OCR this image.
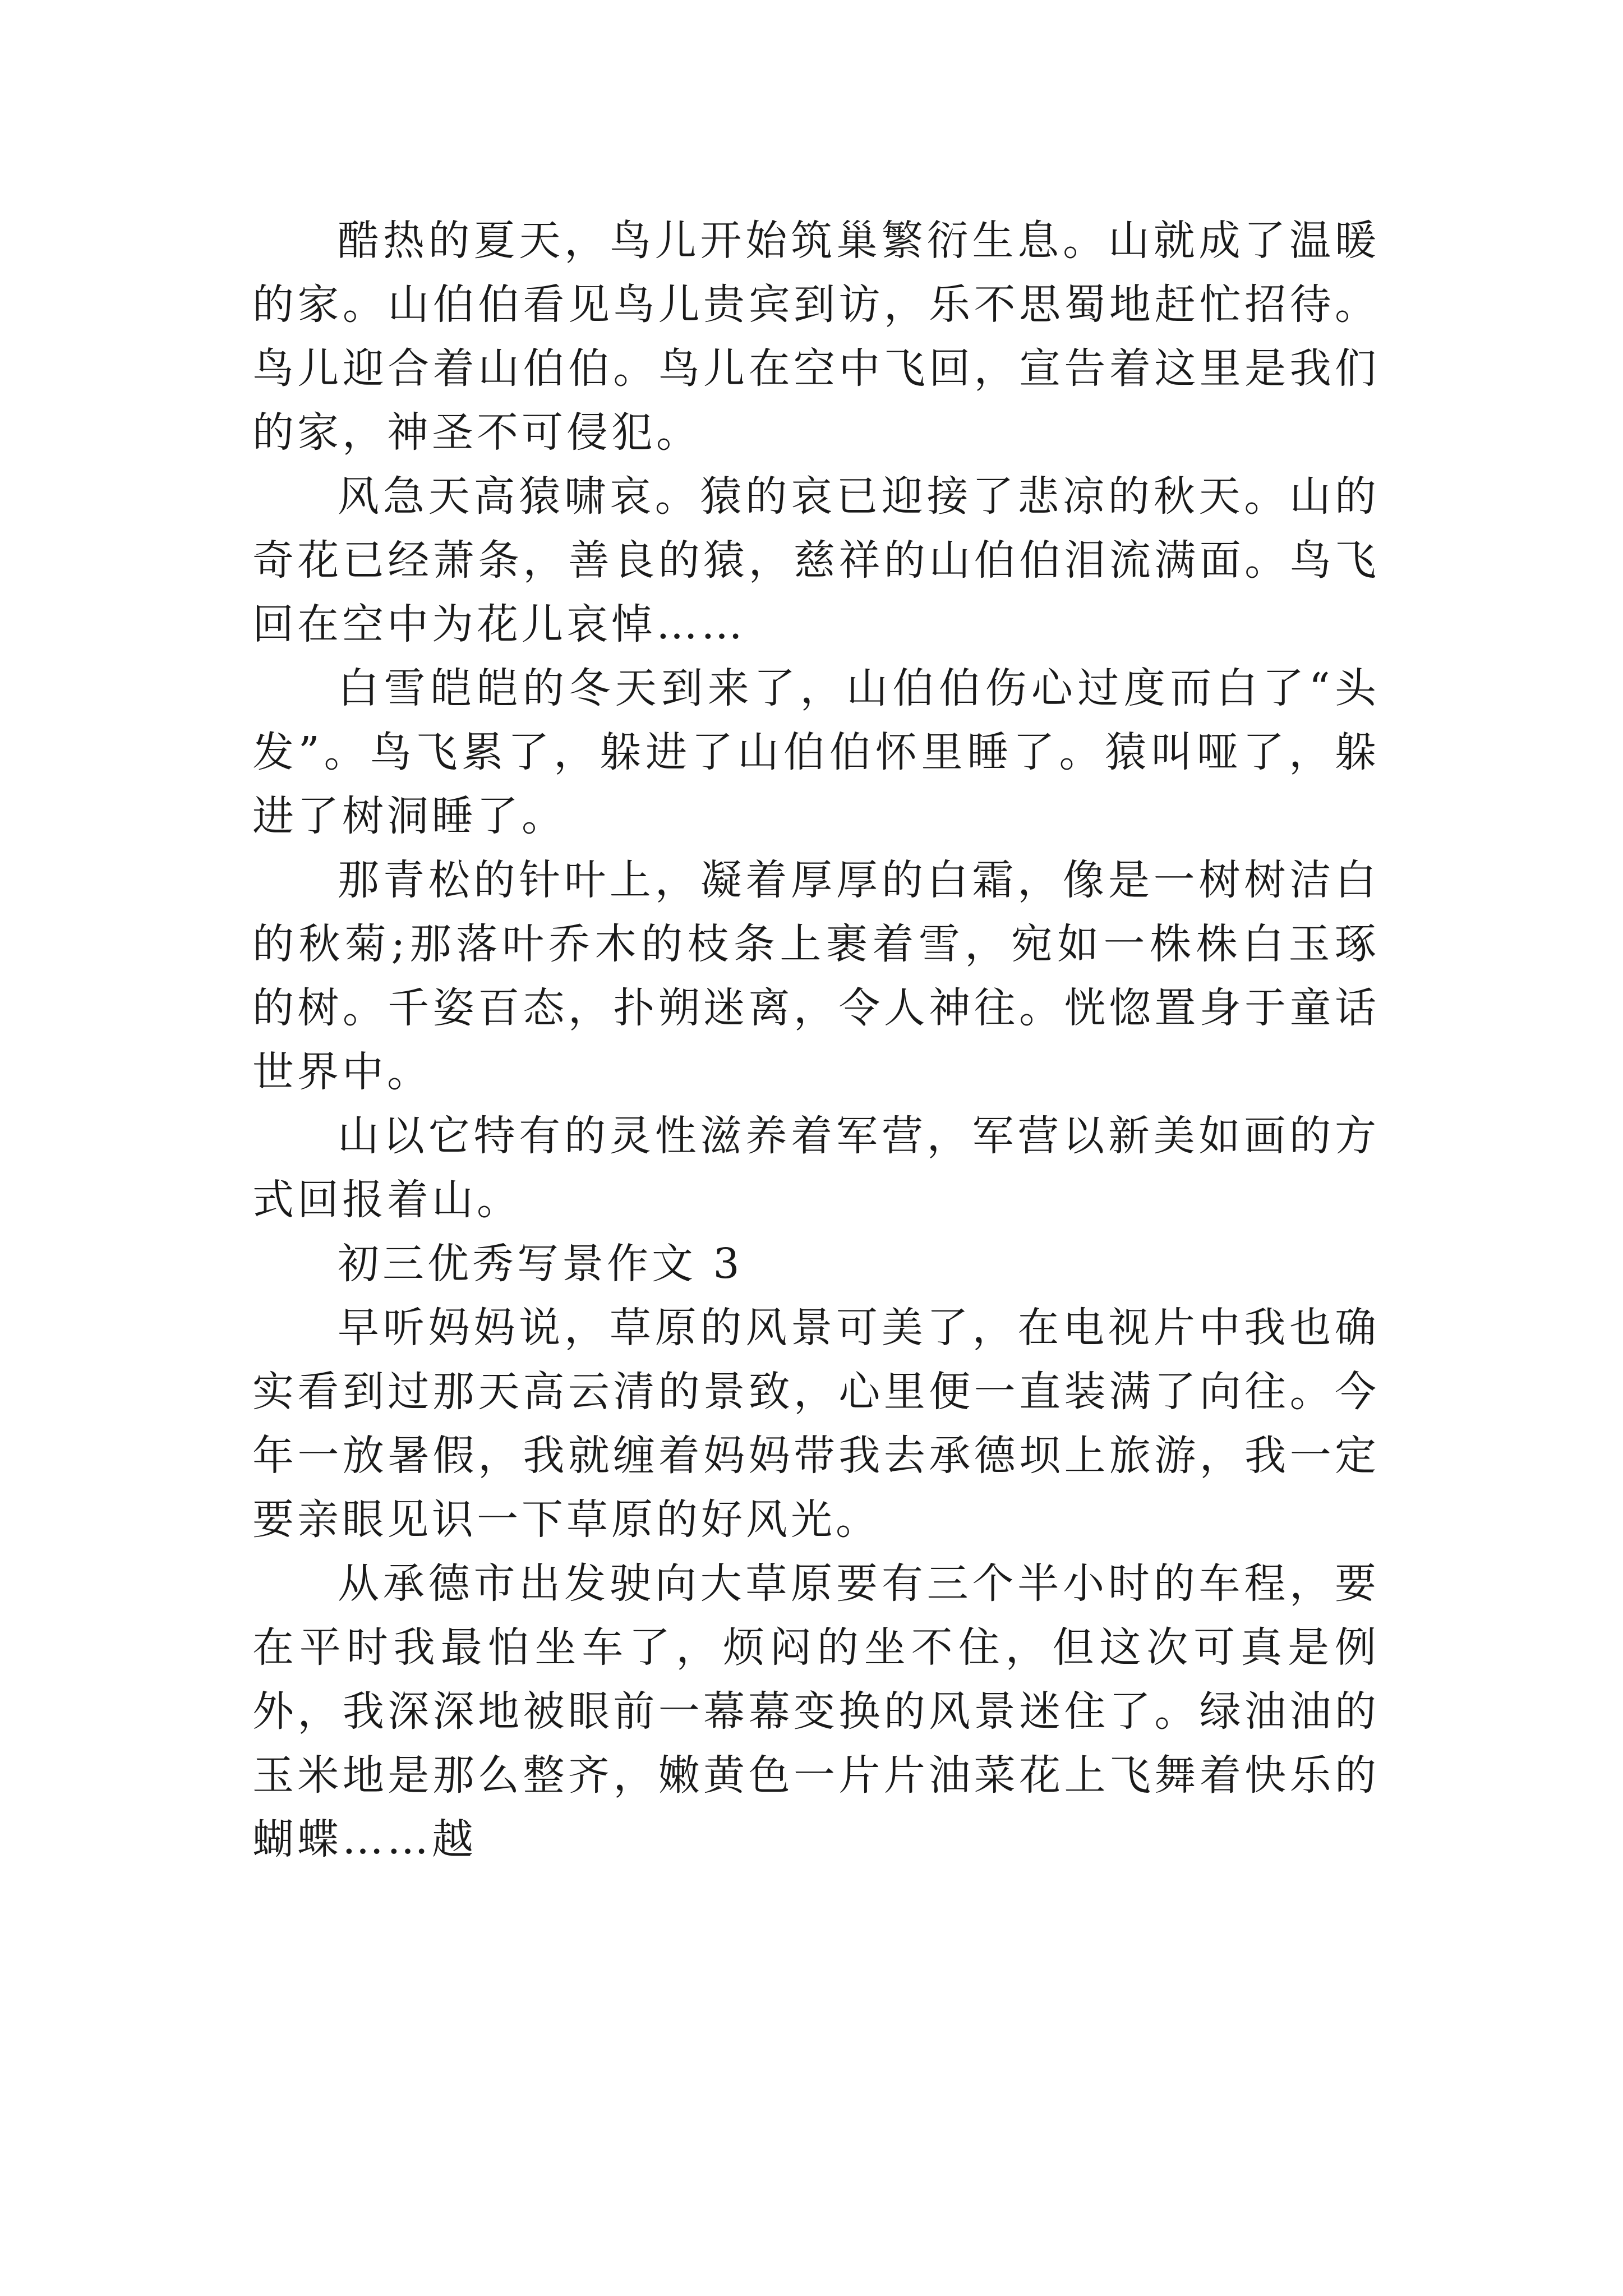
酷热的夏天，鸟儿开始筑巢繁衍生息。山就成了温暖的家。山伯伯看见鸟儿贵宾到访，乐不思蜀地赶忙招待。鸟儿迎合着山伯伯。鸟儿在空中飞回，宣告着这里是我们的家，神圣不可侵犯。

风急天高猿啸哀。猿的哀已迎接了悲凉的秋天。山的奇花已经萧条，善良的猿，慈祥的山伯伯泪流满面。鸟飞回在空中为花儿哀悼……

白雪皑皑的冬天到来了，山伯伯伤心过度而白了“头发”。鸟飞累了，躲进了山伯伯怀里睡了。猿叫哑了，躲进了树洞睡了。

那青松的针叶上，凝着厚厚的白霜，像是一树树洁白的秋菊;那落叶乔木的枝条上裹着雪，宛如一株株白玉琢的树。千姿百态，扑朔迷离，令人神往。恍惚置身于童话世界中。

山以它特有的灵性滋养着军营，军营以新美如画的方式回报着山。

初三优秀写景作文 3

早听妈妈说，草原的风景可美了，在电视片中我也确实看到过那天高云清的景致，心里便一直装满了向往。今年一放暑假，我就缠着妈妈带我去承德坝上旅游，我一定要亲眼见识一下草原的好风光。

从承德市出发驶向大草原要有三个半小时的车程，要在平时我最怕坐车了，烦闷的坐不住，但这次可真是例外，我深深地被眼前一幕幕变换的风景迷住了。绿油油的玉米地是那么整齐，嫩黄色一片片油菜花上飞舞着快乐的蝴蝶……越
